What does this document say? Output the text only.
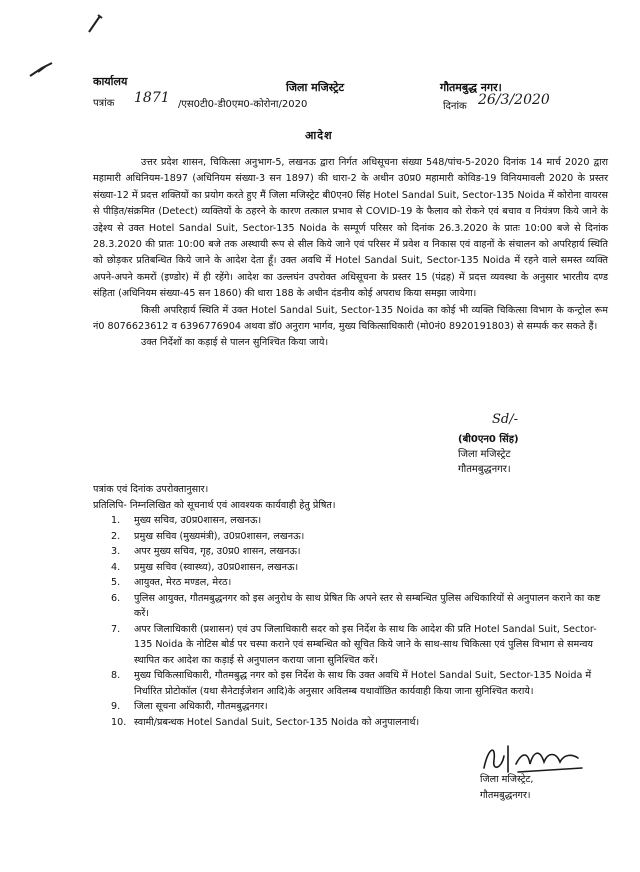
कार्यालय	जिला मजिस्ट्रेट	गौतमबुद्ध नगर।
पत्रांक 1871 /एस0टी0-डी0एम0-कोरोना/2020	दिनांक 26/3/2020
आदेश

उत्तर प्रदेश शासन, चिकित्सा अनुभाग-5, लखनऊ द्वारा निर्गत अधिसूचना संख्या 548/पांच-5-2020 दिनांक 14 मार्च 2020 द्वारा महामारी अधिनियम-1897 (अधिनियम संख्या-3 सन 1897) की धारा-2 के अधीन उ0प्र0 महामारी कोविड-19 विनियमावली 2020 के प्रस्तर संख्या-12 में प्रदत्त शक्तियों का प्रयोग करते हुए मैं जिला मजिस्ट्रेट बी0एन0 सिंह Hotel Sandal Suit, Sector-135 Noida में कोरोना वायरस से पीड़ित/संक्रमित (Detect) व्यक्तियों के ठहरने के कारण तत्काल प्रभाव से COVID-19 के फैलाव को रोकने एवं बचाव व नियंत्रण किये जाने के उद्देश्य से उक्त Hotel Sandal Suit, Sector-135 Noida के सम्पूर्ण परिसर को दिनांक 26.3.2020 के प्रातः 10:00 बजे से दिनांक 28.3.2020 की प्रातः 10:00 बजे तक अस्थायी रूप से सील किये जाने एवं परिसर में प्रवेश व निकास एवं वाहनों के संचालन को अपरिहार्य स्थिति को छोड़कर प्रतिबन्धित किये जाने के आदेश देता हूँ। उक्त अवधि में Hotel Sandal Suit, Sector-135 Noida में रहने वाले समस्त व्यक्ति अपने-अपने कमरों (इण्डोर) में ही रहेंगे। आदेश का उल्लघंन उपरोक्त अधिसूचना के प्रस्तर 15 (पंद्रह) में प्रदत्त व्यवस्था के अनुसार भारतीय दण्ड संहिता (अधिनियम संख्या-45 सन 1860) की धारा 188 के अधीन दंडनीय कोई अपराध किया समझा जायेगा।

किसी अपरिहार्य स्थिति में उक्त Hotel Sandal Suit, Sector-135 Noida का कोई भी व्यक्ति चिकित्सा विभाग के कन्ट्रोल रूम नं0 8076623612 व 6396776904 अथवा डॉ0 अनुराग भार्गव, मुख्य चिकित्साधिकारी (मो0नं0 8920191803) से सम्पर्क कर सकते हैं।

उक्त निर्देशों का कड़ाई से पालन सुनिश्चित किया जाये।

Sd/-
(बी0एन0 सिंह)
जिला मजिस्ट्रेट
गौतमबुद्धनगर।
पत्रांक एवं दिनांक उपरोक्तानुसार।
प्रतिलिपि- निम्नलिखित को सूचनार्थ एवं आवश्यक कार्यवाही हेतु प्रेषित।
1. मुख्य सचिव, उ0प्र0शासन, लखनऊ।
2. प्रमुख सचिव (मुख्यमंत्री), उ0प्र0शासन, लखनऊ।
3. अपर मुख्य सचिव, गृह, उ0प्र0 शासन, लखनऊ।
4. प्रमुख सचिव (स्वास्थ्य), उ0प्र0शासन, लखनऊ।
5. आयुक्त, मेरठ मण्डल, मेरठ।
6. पुलिस आयुक्त, गौतमबुद्धनगर को इस अनुरोध के साथ प्रेषित कि अपने स्तर से सम्बन्धित पुलिस अधिकारियों से अनुपालन कराने का कष्ट करें।
7. अपर जिलाधिकारी (प्रशासन) एवं उप जिलाधिकारी सदर को इस निर्देश के साथ कि आदेश की प्रति Hotel Sandal Suit, Sector-135 Noida के नोटिस बोर्ड पर चस्पा कराने एवं सम्बन्धित को सूचित किये जाने के साथ-साथ चिकित्सा एवं पुलिस विभाग से समन्वय स्थापित कर आदेश का कड़ाई से अनुपालन कराया जाना सुनिश्चित करें।
8. मुख्य चिकित्साधिकारी, गौतमबुद्ध नगर को इस निर्देश के साथ कि उक्त अवधि में Hotel Sandal Suit, Sector-135 Noida में निर्धारित प्रोटोकॉल (यथा सैनेटाईजेशन आदि)के अनुसार अविलम्ब यथावॉछित कार्यवाही किया जाना सुनिश्चित कराये।
9. जिला सूचना अधिकारी, गौतमबुद्धनगर।
10. स्वामी/प्रबन्धक Hotel Sandal Suit, Sector-135 Noida को अनुपालनार्थ।
जिला मजिस्ट्रेट,
गौतमबुद्धनगर।
